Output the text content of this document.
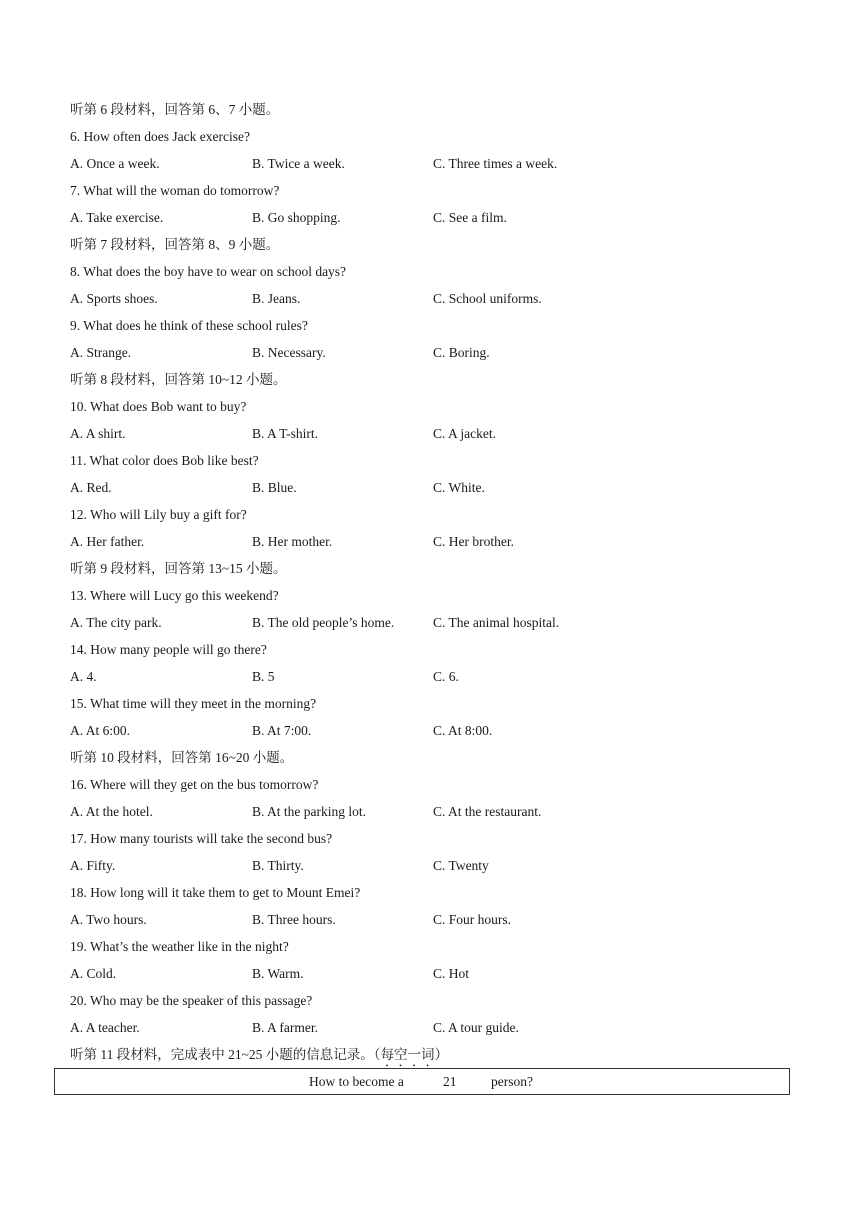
听第 6 段材料，回答第 6、7 小题。
6. How often does Jack exercise?
A. Once a week.	B. Twice a week.	C. Three times a week.
7. What will the woman do tomorrow?
A. Take exercise.	B. Go shopping.	C. See a film.
听第 7 段材料，回答第 8、9 小题。
8. What does the boy have to wear on school days?
A. Sports shoes.	B. Jeans.	C. School uniforms.
9. What does he think of these school rules?
A. Strange.	B. Necessary.	C. Boring.
听第 8 段材料，回答第 10~12 小题。
10. What does Bob want to buy?
A. A shirt.	B. A T-shirt.	C. A jacket.
11. What color does Bob like best?
A. Red.	B. Blue.	C. White.
12. Who will Lily buy a gift for?
A. Her father.	B. Her mother.	C. Her brother.
听第 9 段材料，回答第 13~15 小题。
13. Where will Lucy go this weekend?
A. The city park.	B. The old people’s home.	C. The animal hospital.
14. How many people will go there?
A. 4.	B. 5	C. 6.
15. What time will they meet in the morning?
A. At 6:00.	B. At 7:00.	C. At 8:00.
听第 10 段材料，回答第 16~20 小题。
16. Where will they get on the bus tomorrow?
A. At the hotel.	B. At the parking lot.	C. At the restaurant.
17. How many tourists will take the second bus?
A. Fifty.	B. Thirty.	C. Twenty
18. How long will it take them to get to Mount Emei?
A. Two hours.	B. Three hours.	C. Four hours.
19. What’s the weather like in the night?
A. Cold.	B. Warm.	C. Hot
20. Who may be the speaker of this passage?
A. A teacher.	B. A farmer.	C. A tour guide.
听第 11 段材料，完成表中 21~25 小题的信息记录。（每空一词）
How to become a	21	person?
